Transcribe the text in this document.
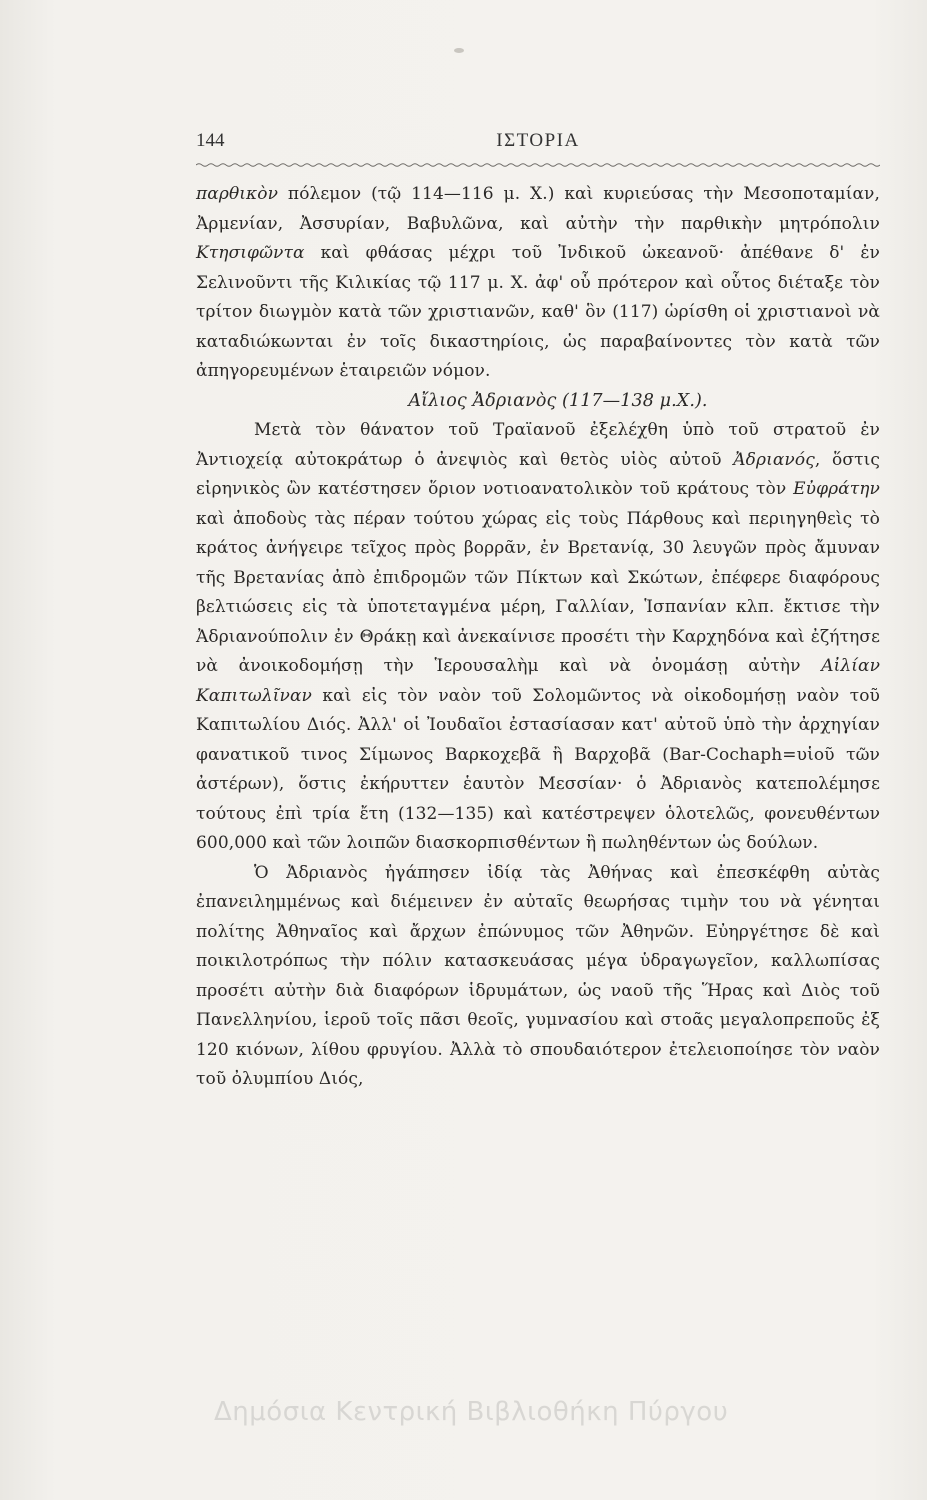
144	ΙΣΤΟΡΙΑ

παρθικὸν πόλεμον (τῷ 114—116 μ. Χ.) καὶ κυριεύσας τὴν Μεσοποταμίαν, Ἀρμενίαν, Ἀσσυρίαν, Βαβυλῶνα, καὶ αὐτὴν τὴν παρθικὴν μητρόπολιν Κτησιφῶντα καὶ φθάσας μέχρι τοῦ Ἰνδικοῦ ὠκεανοῦ· ἀπέθανε δ' ἐν Σελινοῦντι τῆς Κιλικίας τῷ 117 μ. Χ. ἀφ' οὗ πρότερον καὶ οὗτος διέταξε τὸν τρίτον διωγμὸν κατὰ τῶν χριστιανῶν, καθ' ὃν (117) ὡρίσθη οἱ χριστιανοὶ νὰ καταδιώκωνται ἐν τοῖς δικαστηρίοις, ὡς παραβαίνοντες τὸν κατὰ τῶν ἀπηγορευμένων ἑταιρειῶν νόμον.

Αἴλιος Ἀδριανὸς (117—138 μ.Χ.).

Μετὰ τὸν θάνατον τοῦ Τραϊανοῦ ἐξελέχθη ὑπὸ τοῦ στρατοῦ ἐν Ἀντιοχείᾳ αὐτοκράτωρ ὁ ἀνεψιὸς καὶ θετὸς υἱὸς αὐτοῦ Ἀδριανός, ὅστις εἰρηνικὸς ὢν κατέστησεν ὅριον νοτιοανατολικὸν τοῦ κράτους τὸν Εὐφράτην καὶ ἀποδοὺς τὰς πέραν τούτου χώρας εἰς τοὺς Πάρθους καὶ περιηγηθεὶς τὸ κράτος ἀνήγειρε τεῖχος πρὸς βορρᾶν, ἐν Βρετανίᾳ, 30 λευγῶν πρὸς ἄμυναν τῆς Βρετανίας ἀπὸ ἐπιδρομῶν τῶν Πίκτων καὶ Σκώτων, ἐπέφερε διαφόρους βελτιώσεις εἰς τὰ ὑποτεταγμένα μέρη, Γαλλίαν, Ἱσπανίαν κλπ. ἔκτισε τὴν Ἀδριανούπολιν ἐν Θράκῃ καὶ ἀνεκαίνισε προσέτι τὴν Καρχηδόνα καὶ ἐζήτησε νὰ ἀνοικοδομήσῃ τὴν Ἱερουσαλὴμ καὶ νὰ ὀνομάσῃ αὐτὴν Αἰλίαν Καπιτωλῖναν καὶ εἰς τὸν ναὸν τοῦ Σολομῶντος νὰ οἰκοδομήσῃ ναὸν τοῦ Καπιτωλίου Διός. Ἀλλ' οἱ Ἰουδαῖοι ἐστασίασαν κατ' αὐτοῦ ὑπὸ τὴν ἀρχηγίαν φανατικοῦ τινος Σίμωνος Βαρκοχεβᾶ ἢ Βαρχοβᾶ (Bar-Cochaph=υἱοῦ τῶν ἀστέρων), ὅστις ἐκήρυττεν ἑαυτὸν Μεσσίαν· ὁ Ἀδριανὸς κατεπολέμησε τούτους ἐπὶ τρία ἔτη (132—135) καὶ κατέστρεψεν ὁλοτελῶς, φονευθέντων 600,000 καὶ τῶν λοιπῶν διασκορπισθέντων ἢ πωληθέντων ὡς δούλων.

Ὁ Ἀδριανὸς ἠγάπησεν ἰδίᾳ τὰς Ἀθήνας καὶ ἐπεσκέφθη αὐτὰς ἐπανειλημμένως καὶ διέμεινεν ἐν αὐταῖς θεωρήσας τιμὴν του νὰ γένηται πολίτης Ἀθηναῖος καὶ ἄρχων ἐπώνυμος τῶν Ἀθηνῶν. Εὐηργέτησε δὲ καὶ ποικιλοτρόπως τὴν πόλιν κατασκευάσας μέγα ὑδραγωγεῖον, καλλωπίσας προσέτι αὐτὴν διὰ διαφόρων ἱδρυμάτων, ὡς ναοῦ τῆς Ἥρας καὶ Διὸς τοῦ Πανελληνίου, ἱεροῦ τοῖς πᾶσι θεοῖς, γυμνασίου καὶ στοᾶς μεγαλοπρεποῦς ἐξ 120 κιόνων, λίθου φρυγίου. Ἀλλὰ τὸ σπουδαιότερον ἐτελειοποίησε τὸν ναὸν τοῦ ὀλυμπίου Διός,

Δημόσια Κεντρική Βιβλιοθήκη Πύργου
